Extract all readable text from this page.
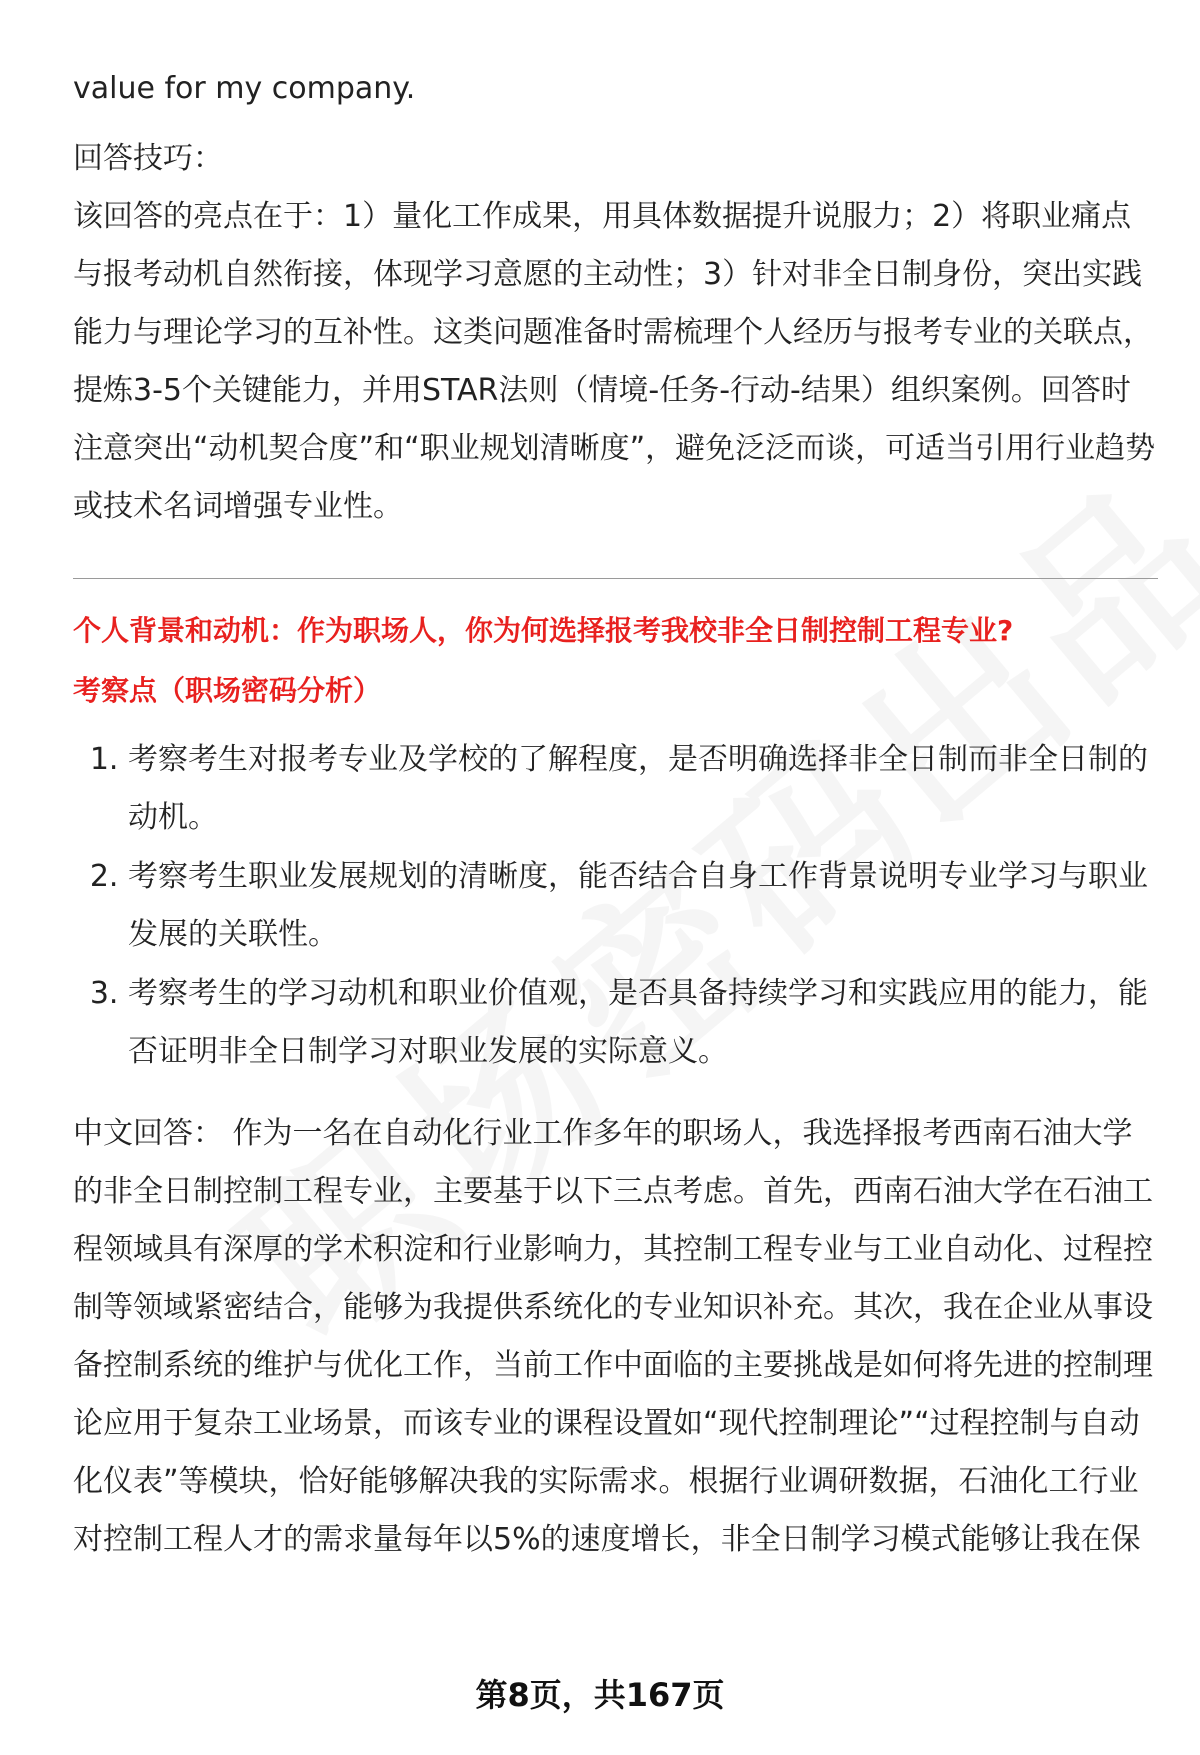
value for my company.

回答技巧：

该回答的亮点在于：1）量化工作成果，用具体数据提升说服力；2）将职业痛点与报考动机自然衔接，体现学习意愿的主动性；3）针对非全日制身份，突出实践能力与理论学习的互补性。这类问题准备时需梳理个人经历与报考专业的关联点，提炼3-5个关键能力，并用STAR法则（情境-任务-行动-结果）组织案例。回答时注意突出“动机契合度”和“职业规划清晰度”，避免泛泛而谈，可适当引用行业趋势或技术名词增强专业性。

个人背景和动机：作为职场人，你为何选择报考我校非全日制控制工程专业?

考察点（职场密码分析）

1. 考察考生对报考专业及学校的了解程度，是否明确选择非全日制而非全日制的动机。
2. 考察考生职业发展规划的清晰度，能否结合自身工作背景说明专业学习与职业发展的关联性。
3. 考察考生的学习动机和职业价值观，是否具备持续学习和实践应用的能力，能否证明非全日制学习对职业发展的实际意义。

中文回答： 作为一名在自动化行业工作多年的职场人，我选择报考西南石油大学的非全日制控制工程专业，主要基于以下三点考虑。首先，西南石油大学在石油工程领域具有深厚的学术积淀和行业影响力，其控制工程专业与工业自动化、过程控制等领域紧密结合，能够为我提供系统化的专业知识补充。其次，我在企业从事设备控制系统的维护与优化工作，当前工作中面临的主要挑战是如何将先进的控制理论应用于复杂工业场景，而该专业的课程设置如“现代控制理论”“过程控制与自动化仪表”等模块，恰好能够解决我的实际需求。根据行业调研数据，石油化工行业对控制工程人才的需求量每年以5%的速度增长，非全日制学习模式能够让我在保

第8页，共167页
